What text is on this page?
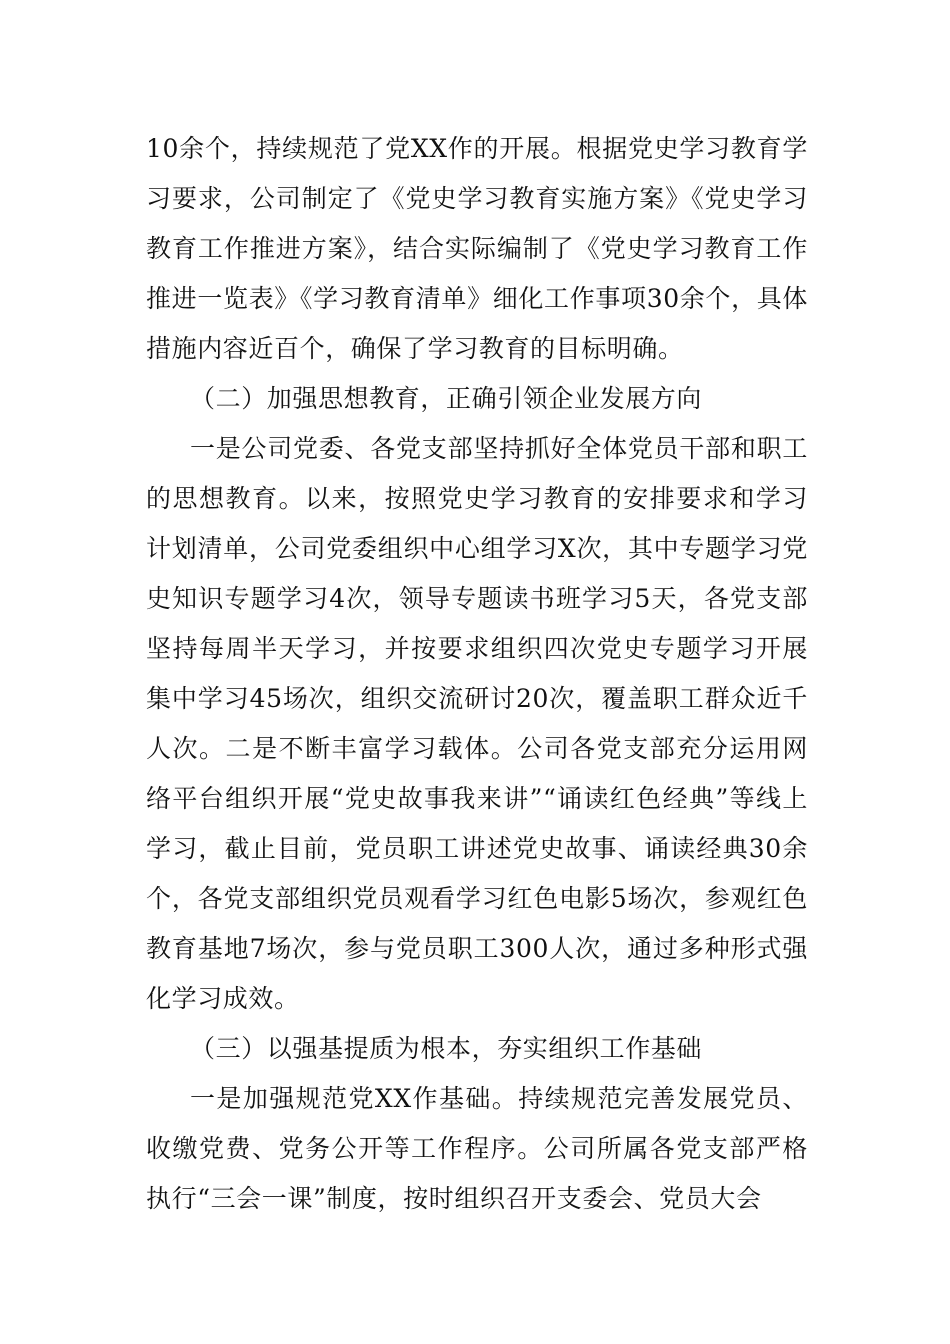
10余个，持续规范了党XX作的开展。根据党史学习教育学习要求，公司制定了《党史学习教育实施方案》《党史学习教育工作推进方案》，结合实际编制了《党史学习教育工作推进一览表》《学习教育清单》细化工作事项30余个，具体措施内容近百个，确保了学习教育的目标明确。

（二）加强思想教育，正确引领企业发展方向

一是公司党委、各党支部坚持抓好全体党员干部和职工的思想教育。以来，按照党史学习教育的安排要求和学习计划清单，公司党委组织中心组学习X次，其中专题学习党史知识专题学习4次，领导专题读书班学习5天，各党支部坚持每周半天学习，并按要求组织四次党史专题学习开展集中学习45场次，组织交流研讨20次，覆盖职工群众近千人次。二是不断丰富学习载体。公司各党支部充分运用网络平台组织开展“党史故事我来讲”“诵读红色经典”等线上学习，截止目前，党员职工讲述党史故事、诵读经典30余个，各党支部组织党员观看学习红色电影5场次，参观红色教育基地7场次，参与党员职工300人次，通过多种形式强化学习成效。

（三）以强基提质为根本，夯实组织工作基础

一是加强规范党XX作基础。持续规范完善发展党员、收缴党费、党务公开等工作程序。公司所属各党支部严格执行“三会一课”制度，按时组织召开支委会、党员大会
